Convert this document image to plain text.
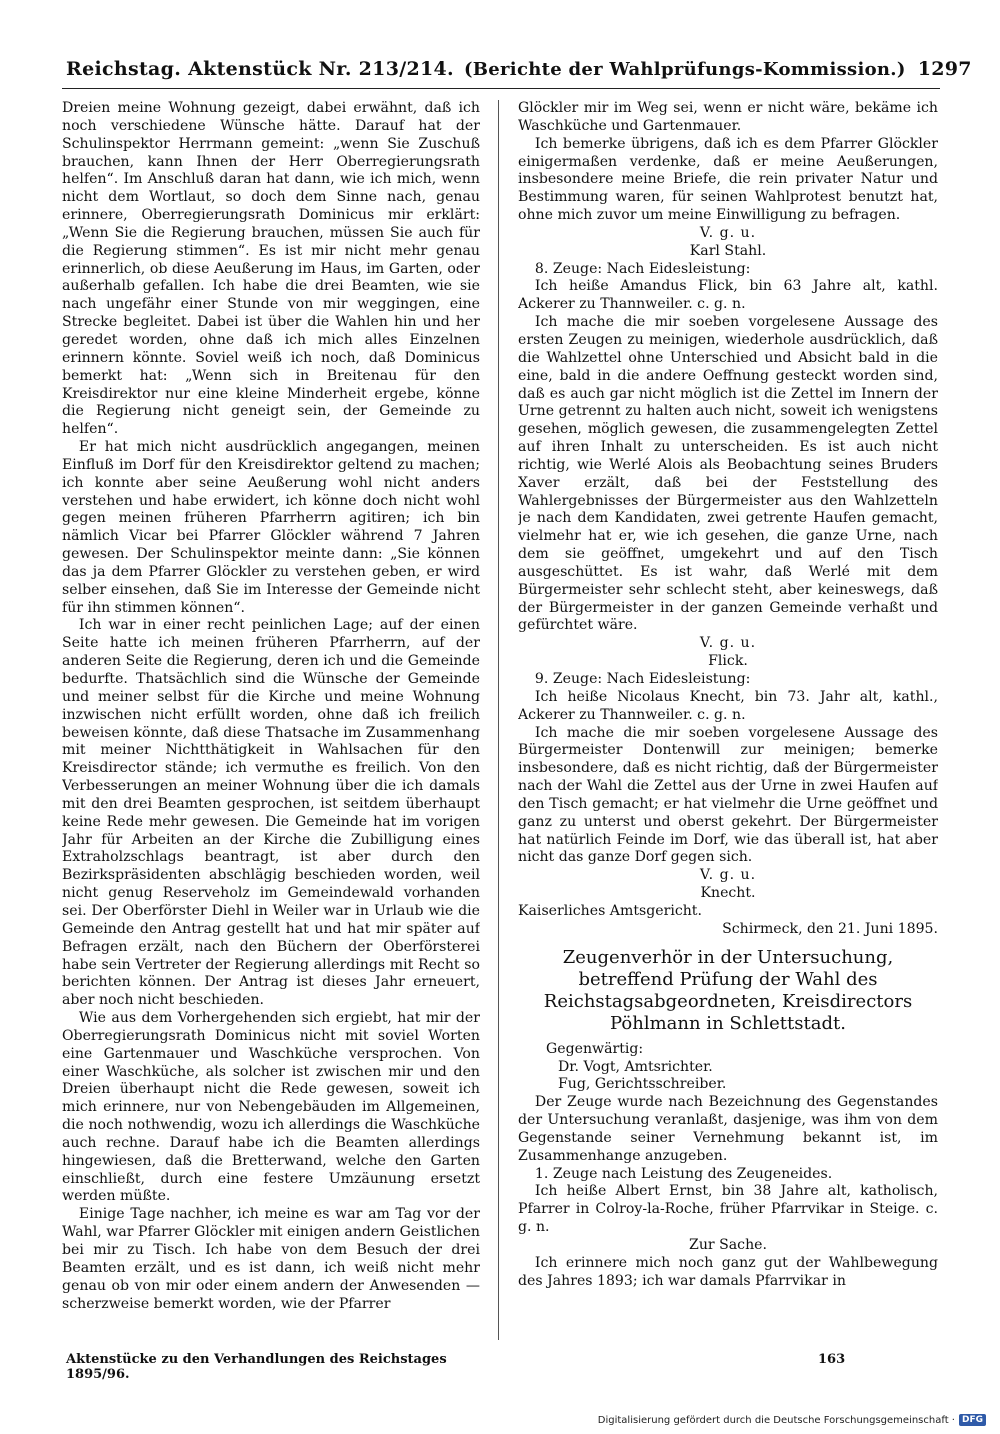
Reichstag. Aktenstück Nr. 213/214. (Berichte der Wahlprüfungs-Kommission.) 1297

Dreien meine Wohnung gezeigt, dabei erwähnt, daß ich noch verschiedene Wünsche hätte. Darauf hat der Schulinspektor Herrmann gemeint: „wenn Sie Zuschuß brauchen, kann Ihnen der Herr Oberregierungsrath helfen“. Im Anschluß daran hat dann, wie ich mich, wenn nicht dem Wortlaut, so doch dem Sinne nach, genau erinnere, Oberregierungsrath Dominicus mir erklärt: „Wenn Sie die Regierung brauchen, müssen Sie auch für die Regierung stimmen“. Es ist mir nicht mehr genau erinnerlich, ob diese Aeußerung im Haus, im Garten, oder außerhalb gefallen. Ich habe die drei Beamten, wie sie nach ungefähr einer Stunde von mir weggingen, eine Strecke begleitet. Dabei ist über die Wahlen hin und her geredet worden, ohne daß ich mich alles Einzelnen erinnern könnte. Soviel weiß ich noch, daß Dominicus bemerkt hat: „Wenn sich in Breitenau für den Kreisdirektor nur eine kleine Minderheit ergebe, könne die Regierung nicht geneigt sein, der Gemeinde zu helfen“.

Er hat mich nicht ausdrücklich angegangen, meinen Einfluß im Dorf für den Kreisdirektor geltend zu machen; ich konnte aber seine Aeußerung wohl nicht anders verstehen und habe erwidert, ich könne doch nicht wohl gegen meinen früheren Pfarrherrn agitiren; ich bin nämlich Vicar bei Pfarrer Glöckler während 7 Jahren gewesen. Der Schulinspektor meinte dann: „Sie können das ja dem Pfarrer Glöckler zu verstehen geben, er wird selber einsehen, daß Sie im Interesse der Gemeinde nicht für ihn stimmen können“.

Ich war in einer recht peinlichen Lage; auf der einen Seite hatte ich meinen früheren Pfarrherrn, auf der anderen Seite die Regierung, deren ich und die Gemeinde bedurfte. Thatsächlich sind die Wünsche der Gemeinde und meiner selbst für die Kirche und meine Wohnung inzwischen nicht erfüllt worden, ohne daß ich freilich beweisen könnte, daß diese Thatsache im Zusammenhang mit meiner Nichtthätigkeit in Wahlsachen für den Kreisdirector stände; ich vermuthe es freilich. Von den Verbesserungen an meiner Wohnung über die ich damals mit den drei Beamten gesprochen, ist seitdem überhaupt keine Rede mehr gewesen. Die Gemeinde hat im vorigen Jahr für Arbeiten an der Kirche die Zubilligung eines Extraholzschlags beantragt, ist aber durch den Bezirkspräsidenten abschlägig beschieden worden, weil nicht genug Reserveholz im Gemeindewald vorhanden sei. Der Oberförster Diehl in Weiler war in Urlaub wie die Gemeinde den Antrag gestellt hat und hat mir später auf Befragen erzält, nach den Büchern der Oberförsterei habe sein Vertreter der Regierung allerdings mit Recht so berichten können. Der Antrag ist dieses Jahr erneuert, aber noch nicht beschieden.

Wie aus dem Vorhergehenden sich ergiebt, hat mir der Oberregierungsrath Dominicus nicht mit soviel Worten eine Gartenmauer und Waschküche versprochen. Von einer Waschküche, als solcher ist zwischen mir und den Dreien überhaupt nicht die Rede gewesen, soweit ich mich erinnere, nur von Nebengebäuden im Allgemeinen, die noch nothwendig, wozu ich allerdings die Waschküche auch rechne. Darauf habe ich die Beamten allerdings hingewiesen, daß die Bretterwand, welche den Garten einschließt, durch eine festere Umzäunung ersetzt werden müßte.

Einige Tage nachher, ich meine es war am Tag vor der Wahl, war Pfarrer Glöckler mit einigen andern Geistlichen bei mir zu Tisch. Ich habe von dem Besuch der drei Beamten erzält, und es ist dann, ich weiß nicht mehr genau ob von mir oder einem andern der Anwesenden — scherzweise bemerkt worden, wie der Pfarrer

Glöckler mir im Weg sei, wenn er nicht wäre, bekäme ich Waschküche und Gartenmauer.

Ich bemerke übrigens, daß ich es dem Pfarrer Glöckler einigermaßen verdenke, daß er meine Aeußerungen, insbesondere meine Briefe, die rein privater Natur und Bestimmung waren, für seinen Wahlprotest benutzt hat, ohne mich zuvor um meine Einwilligung zu befragen.

V. g. u.

Karl Stahl.

8. Zeuge: Nach Eidesleistung:

Ich heiße Amandus Flick, bin 63 Jahre alt, kathl. Ackerer zu Thannweiler. c. g. n.

Ich mache die mir soeben vorgelesene Aussage des ersten Zeugen zu meinigen, wiederhole ausdrücklich, daß die Wahlzettel ohne Unterschied und Absicht bald in die eine, bald in die andere Oeffnung gesteckt worden sind, daß es auch gar nicht möglich ist die Zettel im Innern der Urne getrennt zu halten auch nicht, soweit ich wenigstens gesehen, möglich gewesen, die zusammengelegten Zettel auf ihren Inhalt zu unterscheiden. Es ist auch nicht richtig, wie Werlé Alois als Beobachtung seines Bruders Xaver erzält, daß bei der Feststellung des Wahlergebnisses der Bürgermeister aus den Wahlzetteln je nach dem Kandidaten, zwei getrente Haufen gemacht, vielmehr hat er, wie ich gesehen, die ganze Urne, nach dem sie geöffnet, umgekehrt und auf den Tisch ausgeschüttet. Es ist wahr, daß Werlé mit dem Bürgermeister sehr schlecht steht, aber keineswegs, daß der Bürgermeister in der ganzen Gemeinde verhaßt und gefürchtet wäre.

V. g. u.

Flick.

9. Zeuge: Nach Eidesleistung:

Ich heiße Nicolaus Knecht, bin 73. Jahr alt, kathl., Ackerer zu Thannweiler. c. g. n.

Ich mache die mir soeben vorgelesene Aussage des Bürgermeister Dontenwill zur meinigen; bemerke insbesondere, daß es nicht richtig, daß der Bürgermeister nach der Wahl die Zettel aus der Urne in zwei Haufen auf den Tisch gemacht; er hat vielmehr die Urne geöffnet und ganz zu unterst und oberst gekehrt. Der Bürgermeister hat natürlich Feinde im Dorf, wie das überall ist, hat aber nicht das ganze Dorf gegen sich.

V. g. u.

Knecht.

Kaiserliches Amtsgericht.

Schirmeck, den 21. Juni 1895.

Zeugenverhör in der Untersuchung, betreffend Prüfung der Wahl des Reichstagsabgeordneten, Kreisdirectors Pöhlmann in Schlettstadt.

Gegenwärtig:

Dr. Vogt, Amtsrichter.

Fug, Gerichtsschreiber.

Der Zeuge wurde nach Bezeichnung des Gegenstandes der Untersuchung veranlaßt, dasjenige, was ihm von dem Gegenstande seiner Vernehmung bekannt ist, im Zusammenhange anzugeben.

1. Zeuge nach Leistung des Zeugeneides.

Ich heiße Albert Ernst, bin 38 Jahre alt, katholisch, Pfarrer in Colroy-la-Roche, früher Pfarrvikar in Steige. c. g. n.

Zur Sache.

Ich erinnere mich noch ganz gut der Wahlbewegung des Jahres 1893; ich war damals Pfarrvikar in

Aktenstücke zu den Verhandlungen des Reichstages 1895/96.
163
Digitalisierung gefördert durch die Deutsche Forschungsgemeinschaft · DFG
